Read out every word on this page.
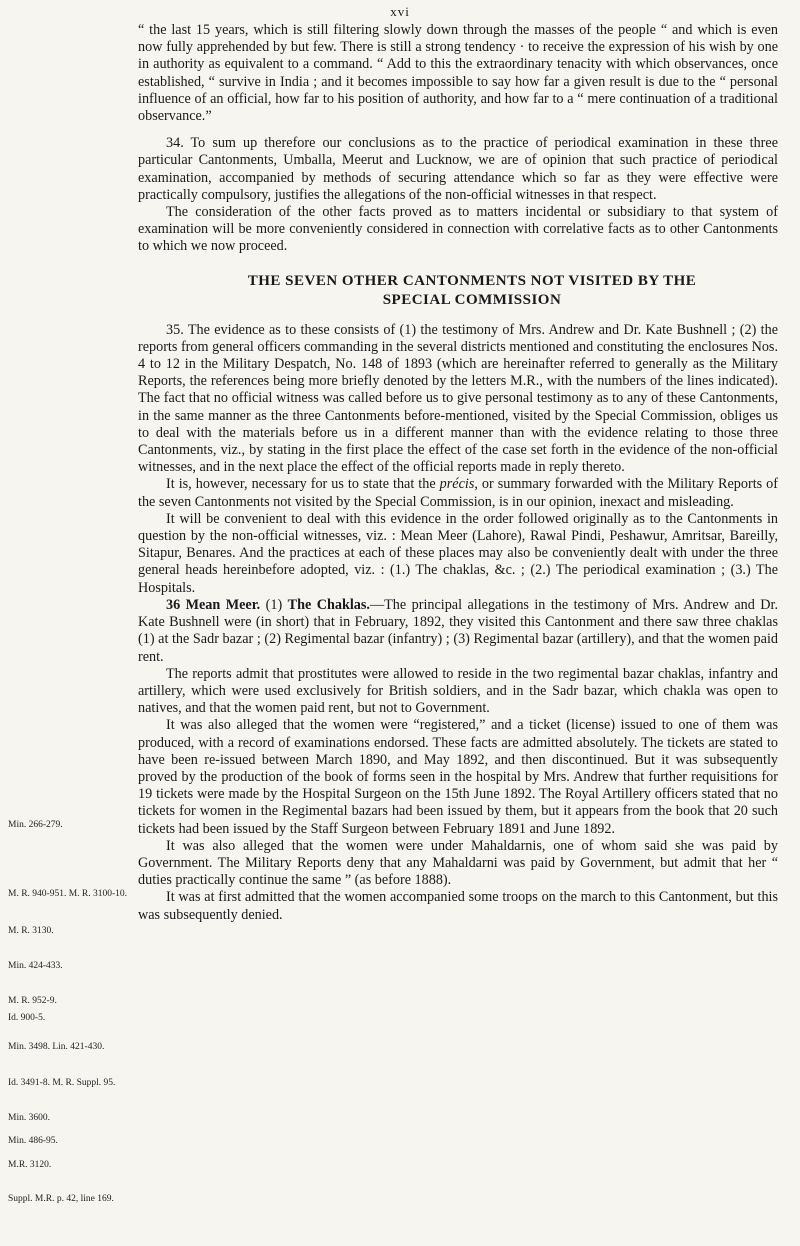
xvi

“ the last 15 years, which is still filtering slowly down through the masses of the people “ and which is even now fully apprehended by but few. There is still a strong tendency · to receive the expression of his wish by one in authority as equivalent to a command. “ Add to this the extraordinary tenacity with which observances, once established, “ survive in India ; and it becomes impossible to say how far a given result is due to the “ personal influence of an official, how far to his position of authority, and how far to a “ mere continuation of a traditional observance.”

34. To sum up therefore our conclusions as to the practice of periodical examination in these three particular Cantonments, Umballa, Meerut and Lucknow, we are of opinion that such practice of periodical examination, accompanied by methods of securing attendance which so far as they were effective were practically compulsory, justifies the allegations of the non-official witnesses in that respect.

The consideration of the other facts proved as to matters incidental or subsidiary to that system of examination will be more conveniently considered in connection with correlative facts as to other Cantonments to which we now proceed.

THE SEVEN OTHER CANTONMENTS NOT VISITED BY THE

SPECIAL COMMISSION

35. The evidence as to these consists of (1) the testimony of Mrs. Andrew and Dr. Kate Bushnell ; (2) the reports from general officers commanding in the several districts mentioned and constituting the enclosures Nos. 4 to 12 in the Military Despatch, No. 148 of 1893 (which are hereinafter referred to generally as the Military Reports, the references being more briefly denoted by the letters M.R., with the numbers of the lines indicated). The fact that no official witness was called before us to give personal testimony as to any of these Cantonments, in the same manner as the three Cantonments before-mentioned, visited by the Special Commission, obliges us to deal with the materials before us in a different manner than with the evidence relating to those three Cantonments, viz., by stating in the first place the effect of the case set forth in the evidence of the non-official witnesses, and in the next place the effect of the official reports made in reply thereto.

It is, however, necessary for us to state that the précis, or summary forwarded with the Military Reports of the seven Cantonments not visited by the Special Commission, is in our opinion, inexact and misleading.

It will be convenient to deal with this evidence in the order followed originally as to the Cantonments in question by the non-official witnesses, viz. : Mean Meer (Lahore), Rawal Pindi, Peshawur, Amritsar, Bareilly, Sitapur, Benares. And the practices at each of these places may also be conveniently dealt with under the three general heads hereinbefore adopted, viz. : (1.) The chaklas, &c. ; (2.) The periodical examination ; (3.) The Hospitals.

36 Mean Meer. (1) The Chaklas.—The principal allegations in the testimony of Mrs. Andrew and Dr. Kate Bushnell were (in short) that in February, 1892, they visited this Cantonment and there saw three chaklas (1) at the Sadr bazar ; (2) Regimental bazar (infantry) ; (3) Regimental bazar (artillery), and that the women paid rent.

The reports admit that prostitutes were allowed to reside in the two regimental bazar chaklas, infantry and artillery, which were used exclusively for British soldiers, and in the Sadr bazar, which chakla was open to natives, and that the women paid rent, but not to Government.

It was also alleged that the women were “registered,” and a ticket (license) issued to one of them was produced, with a record of examinations endorsed. These facts are admitted absolutely. The tickets are stated to have been re-issued between March 1890, and May 1892, and then discontinued. But it was subsequently proved by the production of the book of forms seen in the hospital by Mrs. Andrew that further requisitions for 19 tickets were made by the Hospital Surgeon on the 15th June 1892. The Royal Artillery officers stated that no tickets for women in the Regimental bazars had been issued by them, but it appears from the book that 20 such tickets had been issued by the Staff Surgeon between February 1891 and June 1892.

It was also alleged that the women were under Mahaldarnis, one of whom said she was paid by Government. The Military Reports deny that any Mahaldarni was paid by Government, but admit that her “ duties practically continue the same ” (as before 1888).

It was at first admitted that the women accompanied some troops on the march to this Cantonment, but this was subsequently denied.

Min. 266-279.
M. R. 940-951. M. R. 3100-10.
M. R. 3130.
Min. 424-433.
M. R. 952-9.
Id. 900-5.
Min. 3498. Lin. 421-430.
Id. 3491-8. M. R. Suppl. 95.
Min. 3600.
Min. 486-95.
M.R. 3120.
Suppl. M.R. p. 42, line 169.
